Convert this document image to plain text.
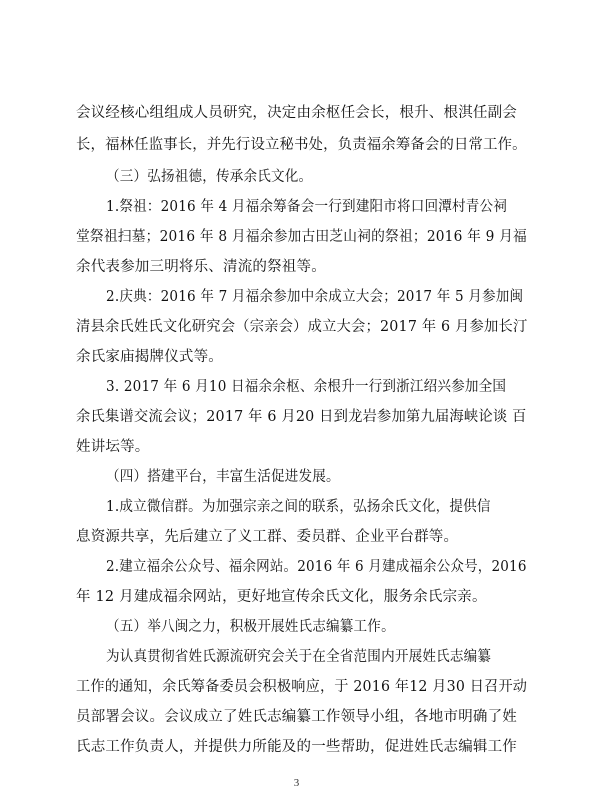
会议经核心组组成人员研究，决定由余枢任会长，根升、根淇任副会
长，福林任监事长，并先行设立秘书处，负责福余筹备会的日常工作。
（三）弘扬祖德，传承余氏文化。
1.祭祖：2016 年 4 月福余筹备会一行到建阳市将口回潭村青公祠
堂祭祖扫墓；2016 年 8 月福余参加古田芝山祠的祭祖；2016 年 9 月福
余代表参加三明将乐、清流的祭祖等。
2.庆典：2016 年 7 月福余参加中余成立大会；2017 年 5 月参加闽
清县余氏姓氏文化研究会（宗亲会）成立大会；2017 年 6 月参加长汀
余氏家庙揭牌仪式等。
3. 2017 年 6 月10 日福余余枢、余根升一行到浙江绍兴参加全国
余氏集谱交流会议；2017 年 6 月20 日到龙岩参加第九届海峡论谈 百
姓讲坛等。
（四）搭建平台，丰富生活促进发展。
1.成立微信群。为加强宗亲之间的联系，弘扬余氏文化，提供信
息资源共享，先后建立了义工群、委员群、企业平台群等。
2.建立福余公众号、福余网站。2016 年 6 月建成福余公众号，2016
年 12 月建成福余网站，更好地宣传余氏文化，服务余氏宗亲。
（五）举八闽之力，积极开展姓氏志编纂工作。
为认真贯彻省姓氏源流研究会关于在全省范围内开展姓氏志编纂
工作的通知，余氏筹备委员会积极响应，于 2016 年12 月30 日召开动
员部署会议。会议成立了姓氏志编纂工作领导小组，各地市明确了姓
氏志工作负责人，并提供力所能及的一些帮助，促进姓氏志编辑工作
3
